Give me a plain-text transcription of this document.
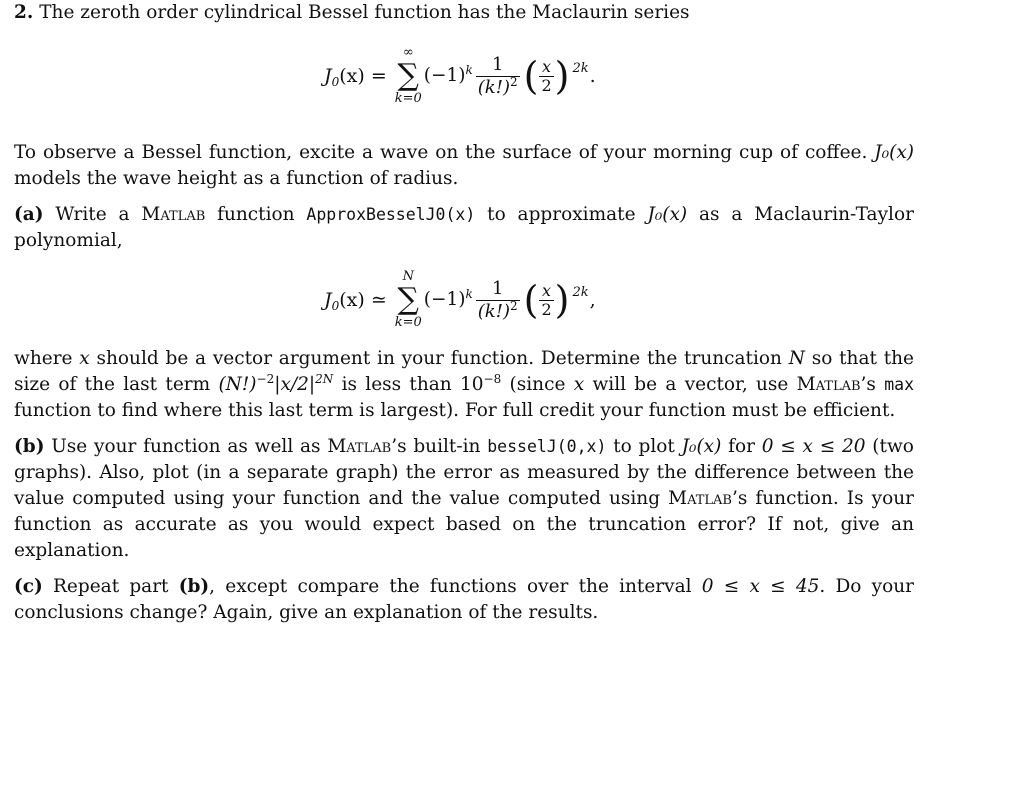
2. The zeroth order cylindrical Bessel function has the Maclaurin series

$J_0(x)$ =
∞
∑
k=0
$(-1)^k \frac{1}{(k!)^2}$ ( $\frac{x}{2}$ ) 2k .

To observe a Bessel function, excite a wave on the surface of your morning cup of coffee. J₀(x) models the wave height as a function of radius.

(a) Write a Matlab function ApproxBesselJ0(x) to approximate J₀(x) as a Maclaurin-Taylor polynomial,

$J_0(x)$ ≃
N
∑
k=0
$(-1)^k \frac{1}{(k!)^2}$ ( $\frac{x}{2}$ ) 2k ,

where x should be a vector argument in your function. Determine the truncation N so that the size of the last term $(N!)^{-2}|x/2|^{2N}$ is less than $10^{-8}$ (since x will be a vector, use Matlab’s max function to find where this last term is largest). For full credit your function must be efficient.

(b) Use your function as well as Matlab’s built-in besselJ(0,x) to plot J₀(x) for 0 ≤ x ≤ 20 (two graphs). Also, plot (in a separate graph) the error as measured by the difference between the value computed using your function and the value computed using Matlab’s function. Is your function as accurate as you would expect based on the truncation error? If not, give an explanation.

(c) Repeat part (b), except compare the functions over the interval 0 ≤ x ≤ 45. Do your conclusions change? Again, give an explanation of the results.
